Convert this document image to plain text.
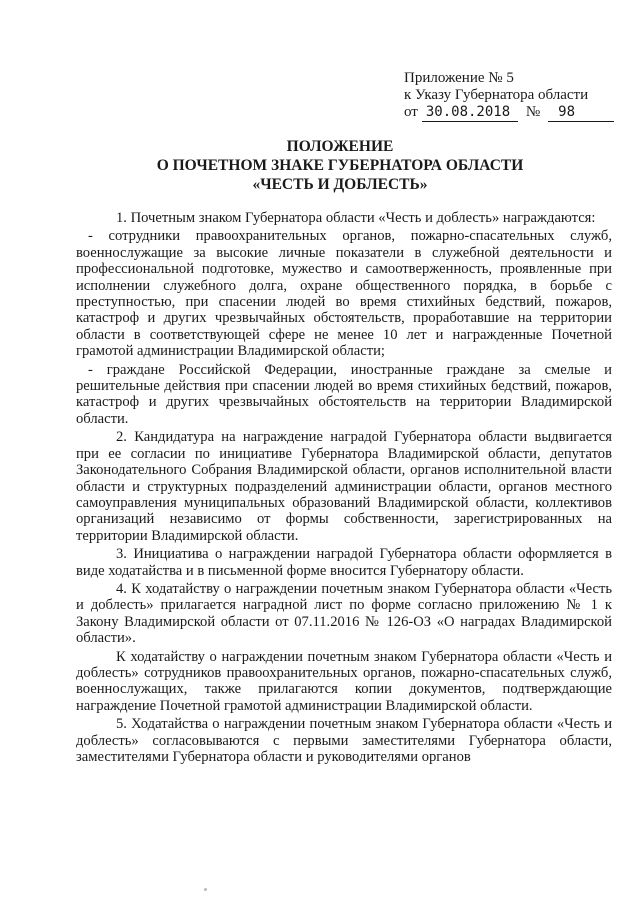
Приложение № 5
к Указу Губернатора области
от 30.08.2018	№	98
ПОЛОЖЕНИЕ
О ПОЧЕТНОМ ЗНАКЕ ГУБЕРНАТОРА ОБЛАСТИ
«ЧЕСТЬ И ДОБЛЕСТЬ»

1. Почетным знаком Губернатора области «Честь и доблесть» награждаются:

- сотрудники правоохранительных органов, пожарно-спасательных служб, военнослужащие за высокие личные показатели в служебной деятельности и профессиональной подготовке, мужество и самоотверженность, проявленные при исполнении служебного долга, охране общественного порядка, в борьбе с преступностью, при спасении людей во время стихийных бедствий, пожаров, катастроф и других чрезвычайных обстоятельств, проработавшие на территории области в соответствующей сфере не менее 10 лет и награжденные Почетной грамотой администрации Владимирской области;

- граждане Российской Федерации, иностранные граждане за смелые и решительные действия при спасении людей во время стихийных бедствий, пожаров, катастроф и других чрезвычайных обстоятельств на территории Владимирской области.

2. Кандидатура на награждение наградой Губернатора области выдвигается при ее согласии по инициативе Губернатора Владимирской области, депутатов Законодательного Собрания Владимирской области, органов исполнительной власти области и структурных подразделений администрации области, органов местного самоуправления муниципальных образований Владимирской области, коллективов организаций независимо от формы собственности, зарегистрированных на территории Владимирской области.

3. Инициатива о награждении наградой Губернатора области оформляется в виде ходатайства и в письменной форме вносится Губернатору области.

4. К ходатайству о награждении почетным знаком Губернатора области «Честь и доблесть» прилагается наградной лист по форме согласно приложению № 1 к Закону Владимирской области от 07.11.2016 № 126-ОЗ «О наградах Владимирской области».

К ходатайству о награждении почетным знаком Губернатора области «Честь и доблесть» сотрудников правоохранительных органов, пожарно-спасательных служб, военнослужащих, также прилагаются копии документов, подтверждающие награждение Почетной грамотой администрации Владимирской области.

5. Ходатайства о награждении почетным знаком Губернатора области «Честь и доблесть» согласовываются с первыми заместителями Губернатора области, заместителями Губернатора области и руководителями органов
